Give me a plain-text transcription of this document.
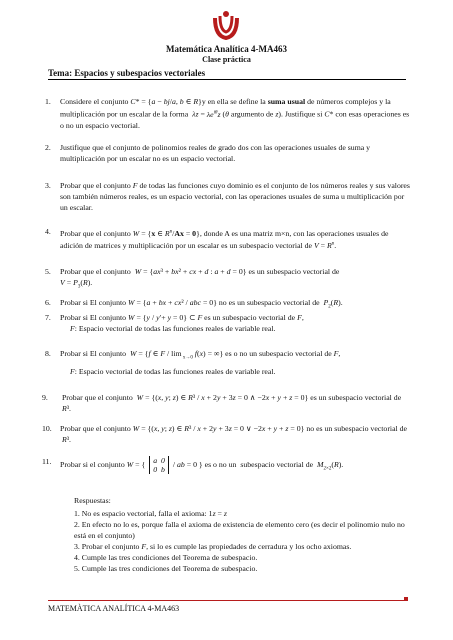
Matemática Analítica 4-MA463
Clase práctica
Tema: Espacios y subespacios vectoriales
1. Considere el conjunto C* = {a − bj/a, b ∈ R}y en ella se define la suma usual de números complejos y la multiplicación por un escalar de la forma  $\lambda z = \lambda e^{i\theta}z$ (θ argumento de z). Justifique si C* con esas operaciones es o no un espacio vectorial.
2. Justifique que el conjunto de polinomios reales de grado dos con las operaciones usuales de suma y multiplicación por un escalar no es un espacio vectorial.
3. Probar que el conjunto F de todas las funciones cuyo dominio es el conjunto de los números reales y sus valores son también números reales, es un espacio vectorial, con las operaciones usuales de suma u multiplicación por un escalar.
4. Probar que el conjunto W = {x ∈ $R^n/Ax = 0$}, donde A es una matriz m×n, con las operaciones usuales de adición de matrices y multiplicación por un escalar es un subespacio vectorial de $V = R^n$.
5. Probar que el conjunto  W = {ax³ + bx² + cx + d : a + d = 0} es un subespacio vectorial de
$V = P_3(R)$.
6. Probar si El conjunto W = {a + bx + cx² / abc = 0} no es un subespacio vectorial de  $P_2(R)$.
7. Probar si El conjunto W = {y / y′+ y = 0} ⊂ F es un subespacio vectorial de F,
F: Espacio vectorial de todas las funciones reales de variable real.
8. Probar si El conjunto  W = {f ∈ F / lim $_{x\to 0}$ f(x) = ∞} es o no un subespacio vectorial de F,
F: Espacio vectorial de todas las funciones reales de variable real.
9. Probar que el conjunto  W = {(x, y; z) ∈ R³ / x + 2y + 3z = 0 ∧ −2x + y + z = 0} es un subespacio vectorial de  R³.
10. Probar que el conjunto W = {(x, y; z) ∈ R³ / x + 2y + 3z = 0 ∨ −2x + y + z = 0} no es un subespacio vectorial de  R³.
11. Probar si el conjunto W = { a  0
0  b / ab = 0 } es o no un  subespacio vectorial de  $M_{2\times 2}(R)$.
Respuestas:
1. No es espacio vectorial, falla el axioma: 1z = z
2. En efecto no lo es, porque falla el axioma de existencia de elemento cero (es decir el polinomio nulo no está en el conjunto)
3. Probar el conjunto F, si lo es cumple las propiedades de cerradura y los ocho axiomas.
4. Cumple las tres condiciones del Teorema de subespacio.
5. Cumple las tres condiciones del Teorema de subespacio.
MATEMÀTICA ANALÍTICA 4-MA463
